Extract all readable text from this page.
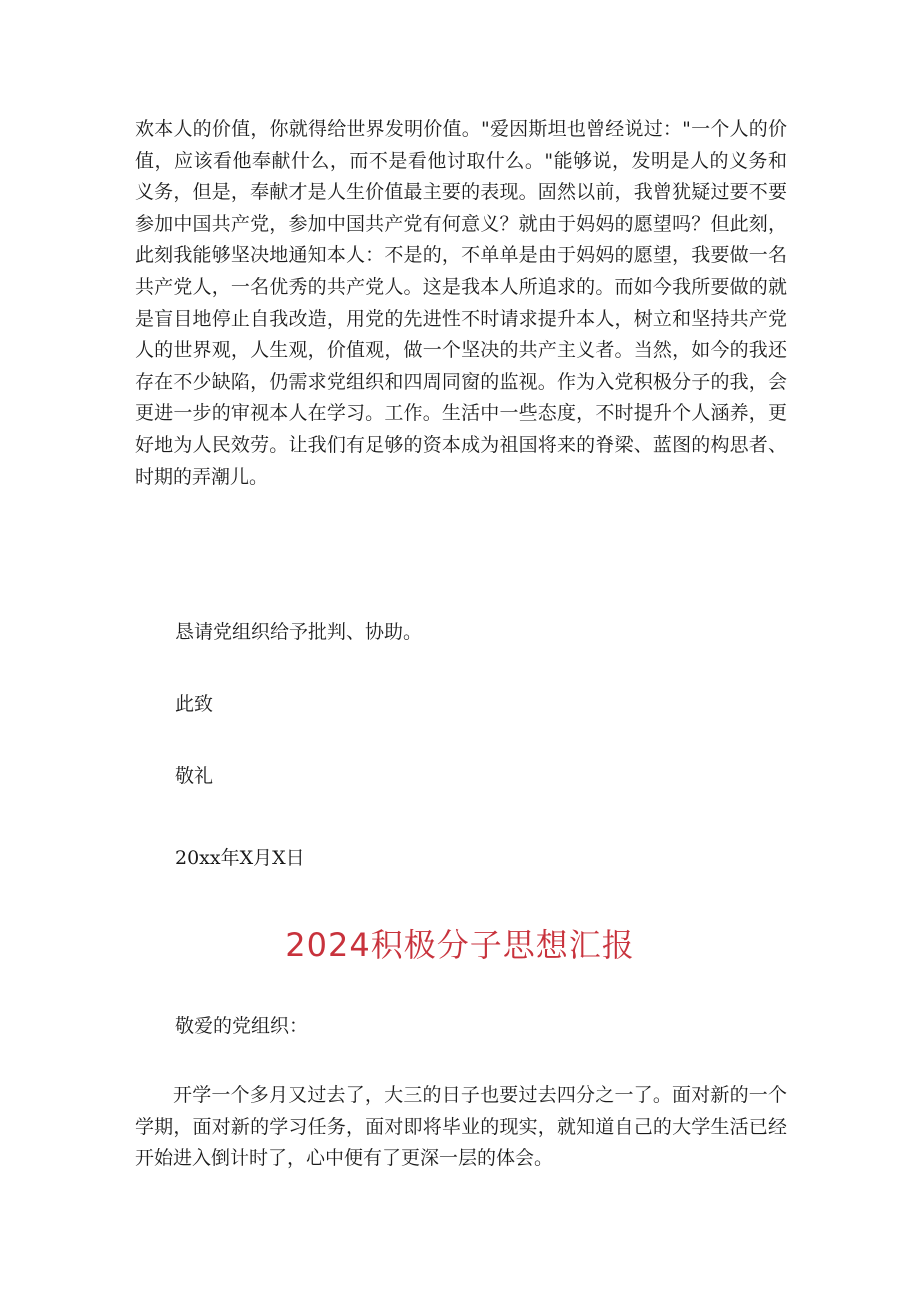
欢本人的价值，你就得给世界发明价值。"爱因斯坦也曾经说过："一个人的价值，应该看他奉献什么，而不是看他讨取什么。"能够说，发明是人的义务和义务，但是，奉献才是人生价值最主要的表现。固然以前，我曾犹疑过要不要参加中国共产党，参加中国共产党有何意义？就由于妈妈的愿望吗？但此刻，此刻我能够坚决地通知本人：不是的，不单单是由于妈妈的愿望，我要做一名共产党人，一名优秀的共产党人。这是我本人所追求的。而如今我所要做的就是盲目地停止自我改造，用党的先进性不时请求提升本人，树立和坚持共产党人的世界观，人生观，价值观，做一个坚决的共产主义者。当然，如今的我还存在不少缺陷，仍需求党组织和四周同窗的监视。作为入党积极分子的我，会更进一步的审视本人在学习。工作。生活中一些态度，不时提升个人涵养，更好地为人民效劳。让我们有足够的资本成为祖国将来的脊梁、蓝图的构思者、时期的弄潮儿。

恳请党组织给予批判、协助。

此致

敬礼

20xx年X月X日

2024积极分子思想汇报

敬爱的党组织：

开学一个多月又过去了，大三的日子也要过去四分之一了。面对新的一个学期，面对新的学习任务，面对即将毕业的现实，就知道自己的大学生活已经开始进入倒计时了，心中便有了更深一层的体会。
